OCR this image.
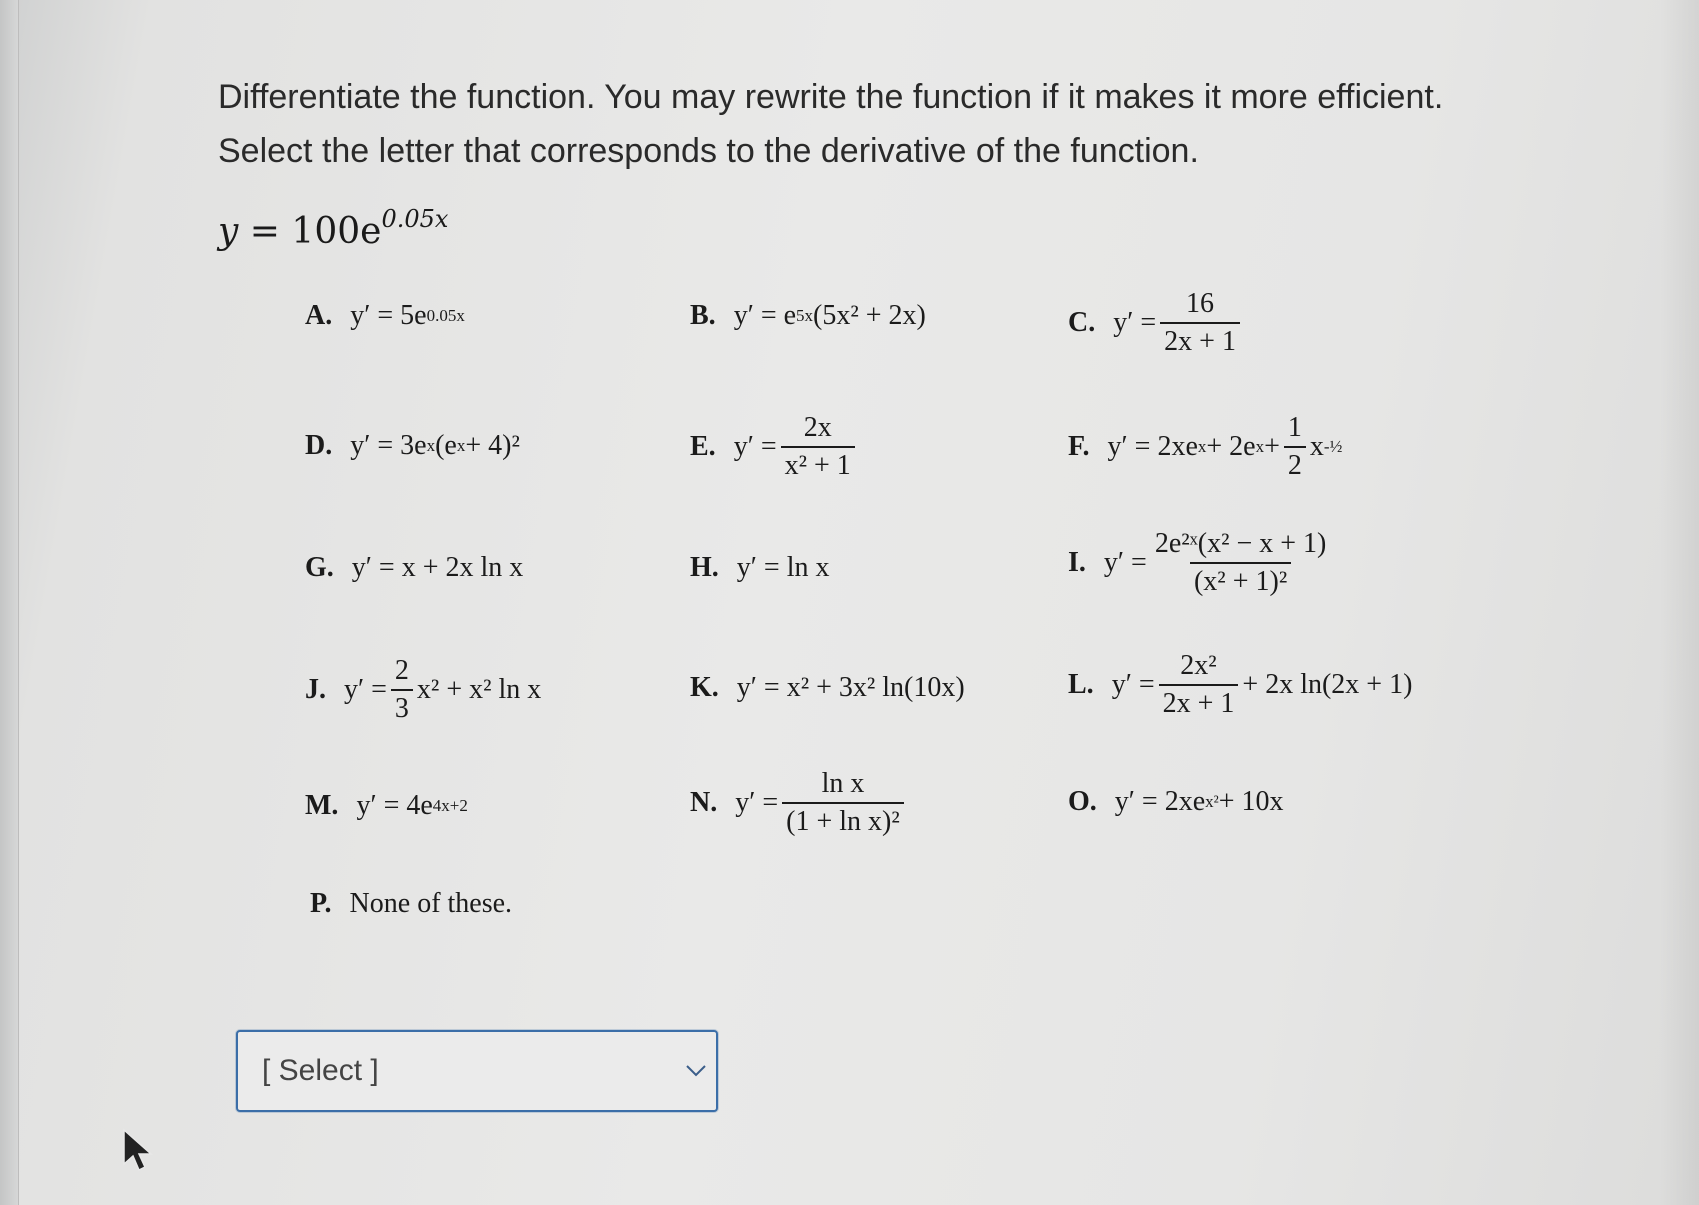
Differentiate the function. You may rewrite the function if it makes it more efficient.
Select the letter that corresponds to the derivative of the function.
$y = 100e^{0.05x}$
A. y′ = 5e 0.05x	B. y′ = e 5x (5x² + 2x)	C. $y' = \frac{16}{2x + 1}$
D. y′ = 3e x (e x + 4)²	E. $y' = \frac{2x}{\text{x² + 1}}$	F. y′ = 2xe x + 2e $x + \frac{1}{2}$ x -½
G. y′ = x + 2x ln x	H. y′ = ln x	I. $y' = \frac{\text{2e²ˣ(x² − x + 1)}}{\text{(x² + 1)²}}$
J. $y' = \frac{2}{3} x^2 + x^2$ ln x	K. y′ = x² + 3x² ln(10x)	L. $y' = \frac{\text{2x²}}{2x + 1} + 2x$ ln(2x + 1)
M. y′ = 4e 4x+2	N. $y' = \frac{\text{ln x}}{\text{(1 + ln x)²}}$	O. y′ = 2xe x² + 10x
P. None of these.
[ Select ]
